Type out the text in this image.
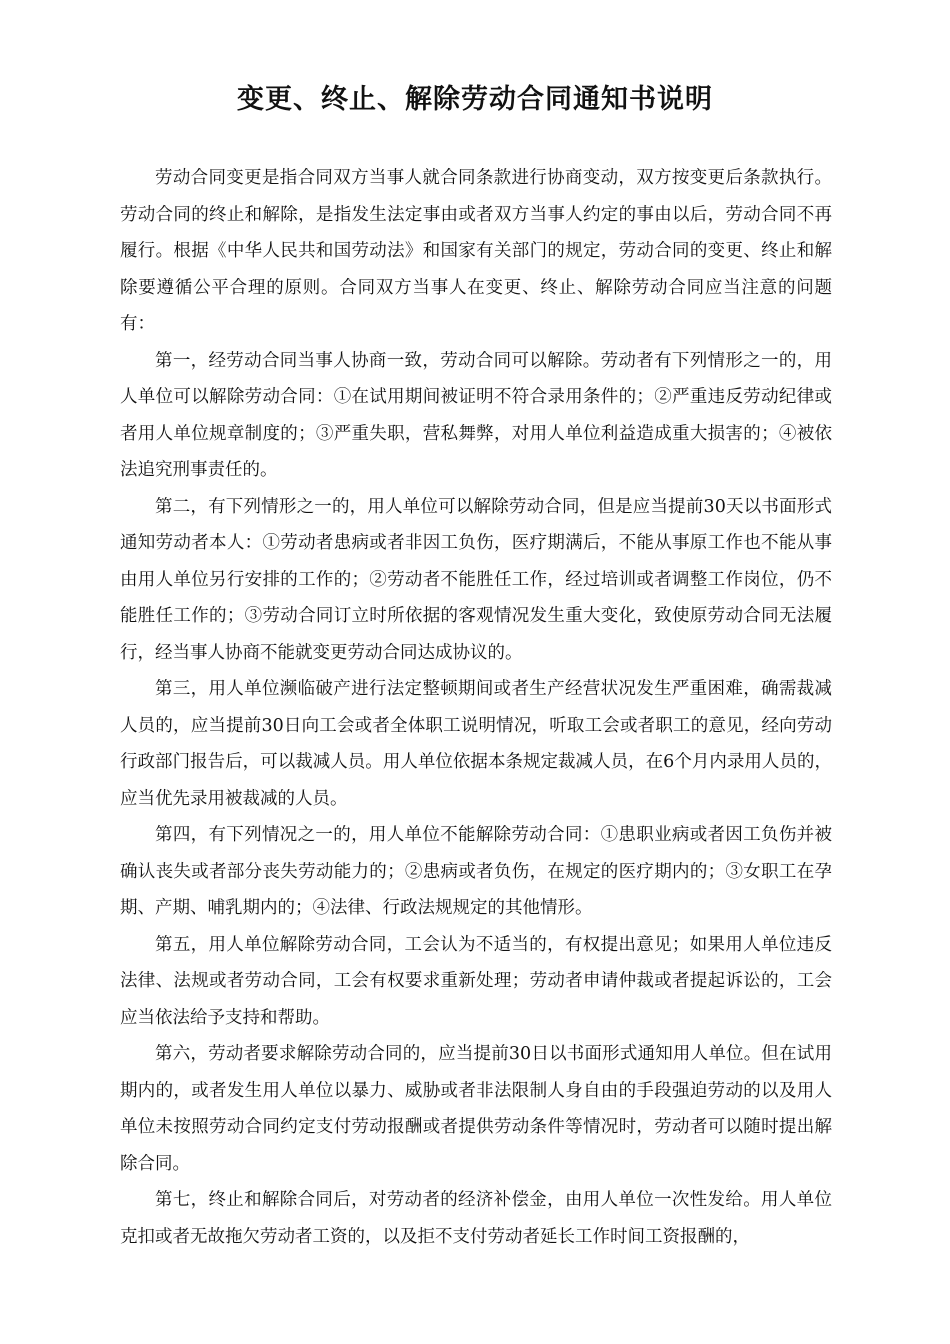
变更、终止、解除劳动合同通知书说明

劳动合同变更是指合同双方当事人就合同条款进行协商变动，双方按变更后条款执行。劳动合同的终止和解除，是指发生法定事由或者双方当事人约定的事由以后，劳动合同不再履行。根据《中华人民共和国劳动法》和国家有关部门的规定，劳动合同的变更、终止和解除要遵循公平合理的原则。合同双方当事人在变更、终止、解除劳动合同应当注意的问题有：

第一，经劳动合同当事人协商一致，劳动合同可以解除。劳动者有下列情形之一的，用人单位可以解除劳动合同：①在试用期间被证明不符合录用条件的；②严重违反劳动纪律或者用人单位规章制度的；③严重失职，营私舞弊，对用人单位利益造成重大损害的；④被依法追究刑事责任的。

第二，有下列情形之一的，用人单位可以解除劳动合同，但是应当提前30天以书面形式通知劳动者本人：①劳动者患病或者非因工负伤，医疗期满后，不能从事原工作也不能从事由用人单位另行安排的工作的；②劳动者不能胜任工作，经过培训或者调整工作岗位，仍不能胜任工作的；③劳动合同订立时所依据的客观情况发生重大变化，致使原劳动合同无法履行，经当事人协商不能就变更劳动合同达成协议的。

第三，用人单位濒临破产进行法定整顿期间或者生产经营状况发生严重困难，确需裁减人员的，应当提前30日向工会或者全体职工说明情况，听取工会或者职工的意见，经向劳动行政部门报告后，可以裁减人员。用人单位依据本条规定裁减人员，在6个月内录用人员的，应当优先录用被裁减的人员。

第四，有下列情况之一的，用人单位不能解除劳动合同：①患职业病或者因工负伤并被确认丧失或者部分丧失劳动能力的；②患病或者负伤，在规定的医疗期内的；③女职工在孕期、产期、哺乳期内的；④法律、行政法规规定的其他情形。

第五，用人单位解除劳动合同，工会认为不适当的，有权提出意见；如果用人单位违反法律、法规或者劳动合同，工会有权要求重新处理；劳动者申请仲裁或者提起诉讼的，工会应当依法给予支持和帮助。

第六，劳动者要求解除劳动合同的，应当提前30日以书面形式通知用人单位。但在试用期内的，或者发生用人单位以暴力、威胁或者非法限制人身自由的手段强迫劳动的以及用人单位未按照劳动合同约定支付劳动报酬或者提供劳动条件等情况时，劳动者可以随时提出解除合同。

第七，终止和解除合同后，对劳动者的经济补偿金，由用人单位一次性发给。用人单位克扣或者无故拖欠劳动者工资的，以及拒不支付劳动者延长工作时间工资报酬的，
